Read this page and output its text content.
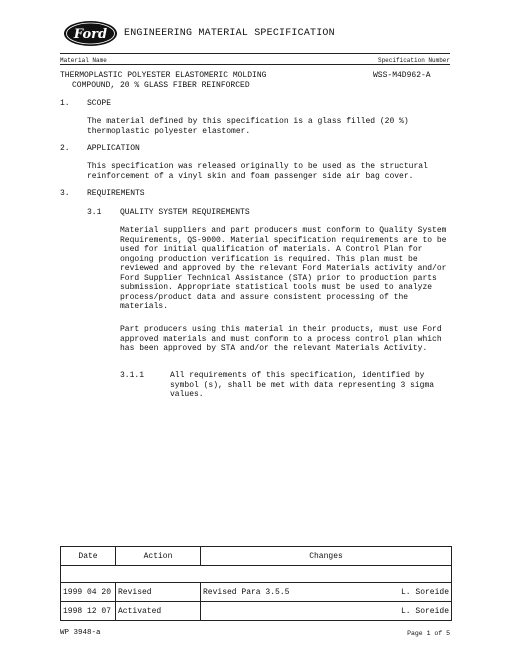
Ford ENGINEERING MATERIAL SPECIFICATION
Material Name	Specification Number
THERMOPLASTIC POLYESTER ELASTOMERIC MOLDING
COMPOUND, 20 % GLASS FIBER REINFORCED
WSS-M4D962-A
1. SCOPE
The material defined by this specification is a glass filled (20 %) thermoplastic polyester elastomer.
2. APPLICATION
This specification was released originally to be used as the structural reinforcement of a vinyl skin and foam passenger side air bag cover.
3. REQUIREMENTS
3.1 QUALITY SYSTEM REQUIREMENTS
Material suppliers and part producers must conform to Quality System Requirements, QS-9000. Material specification requirements are to be used for initial qualification of materials. A Control Plan for ongoing production verification is required. This plan must be reviewed and approved by the relevant Ford Materials activity and/or Ford Supplier Technical Assistance (STA) prior to production parts submission. Appropriate statistical tools must be used to analyze process/product data and assure consistent processing of the materials.
Part producers using this material in their products, must use Ford approved materials and must conform to a process control plan which has been approved by STA and/or the relevant Materials Activity.
3.1.1	All requirements of this specification, identified by symbol (s), shall be met with data representing 3 sigma values.
Date	Action	Changes	

1999 04 20	Revised	Revised Para 3.5.5	L. Soreide
1998 12 07	Activated		L. Soreide
WP 3948-a	Page 1 of 5
